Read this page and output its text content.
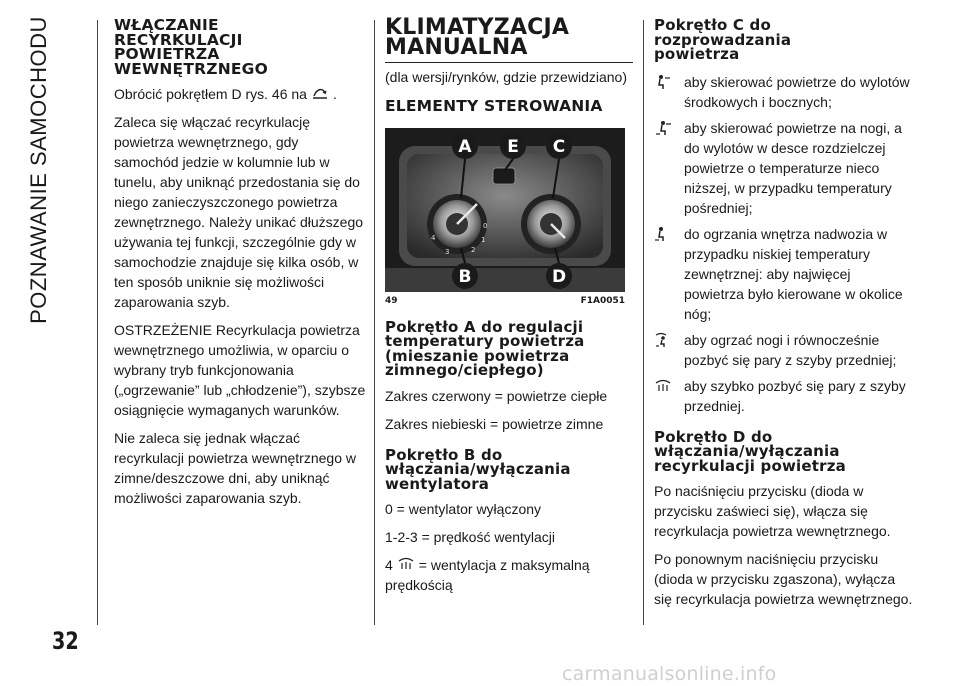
POZNAWANIE SAMOCHODU
32
carmanualsonline.info
WŁĄCZANIE RECYRKULACJI POWIETRZA WEWNĘTRZNEGO

Obrócić pokrętłem D rys. 46 na .

Zaleca się włączać recyrkulację powietrza wewnętrznego, gdy samochód jedzie w kolumnie lub w tunelu, aby uniknąć przedostania się do niego zanieczyszczonego powietrza zewnętrznego. Należy unikać dłuższego używania tej funkcji, szczególnie gdy w samochodzie znajduje się kilka osób, w ten sposób uniknie się możliwości zaparowania szyb.

OSTRZEŻENIE Recyrkulacja powietrza wewnętrznego umożliwia, w oparciu o wybrany tryb funkcjonowania („ogrzewanie” lub „chłodzenie”), szybsze osiągnięcie wymaganych warunków.

Nie zaleca się jednak włączać recyrkulacji powietrza wewnętrznego w zimne/deszczowe dni, aby uniknąć możliwości zaparowania szyb.

KLIMATYZACJA MANUALNA

(dla wersji/rynków, gdzie przewidziano)

ELEMENTY STEROWANIA
4
3	2
1
0
A E C
B	D
49	F1A0051
Pokrętło A do regulacji temperatury powietrza (mieszanie powietrza zimnego/ciepłego)

Zakres czerwony = powietrze ciepłe

Zakres niebieski = powietrze zimne

Pokrętło B do włączania/wyłączania wentylatora

0 = wentylator wyłączony

1-2-3 = prędkość wentylacji

4 = wentylacja z maksymalną prędkością

Pokrętło C do rozprowadzania powietrza
aby skierować powietrze do wylotów środkowych i bocznych;
aby skierować powietrze na nogi, a do wylotów w desce rozdzielczej powietrze o temperaturze nieco niższej, w przypadku temperatury pośredniej;
do ogrzania wnętrza nadwozia w przypadku niskiej temperatury zewnętrznej: aby najwięcej powietrza było kierowane w okolice nóg;
aby ogrzać nogi i równocześnie pozbyć się pary z szyby przedniej;
aby szybko pozbyć się pary z szyby przedniej.
Pokrętło D do włączania/wyłączania recyrkulacji powietrza

Po naciśnięciu przycisku (dioda w przycisku zaświeci się), włącza się recyrkulacja powietrza wewnętrznego.

Po ponownym naciśnięciu przycisku (dioda w przycisku zgaszona), wyłącza się recyrkulacja powietrza wewnętrznego.
